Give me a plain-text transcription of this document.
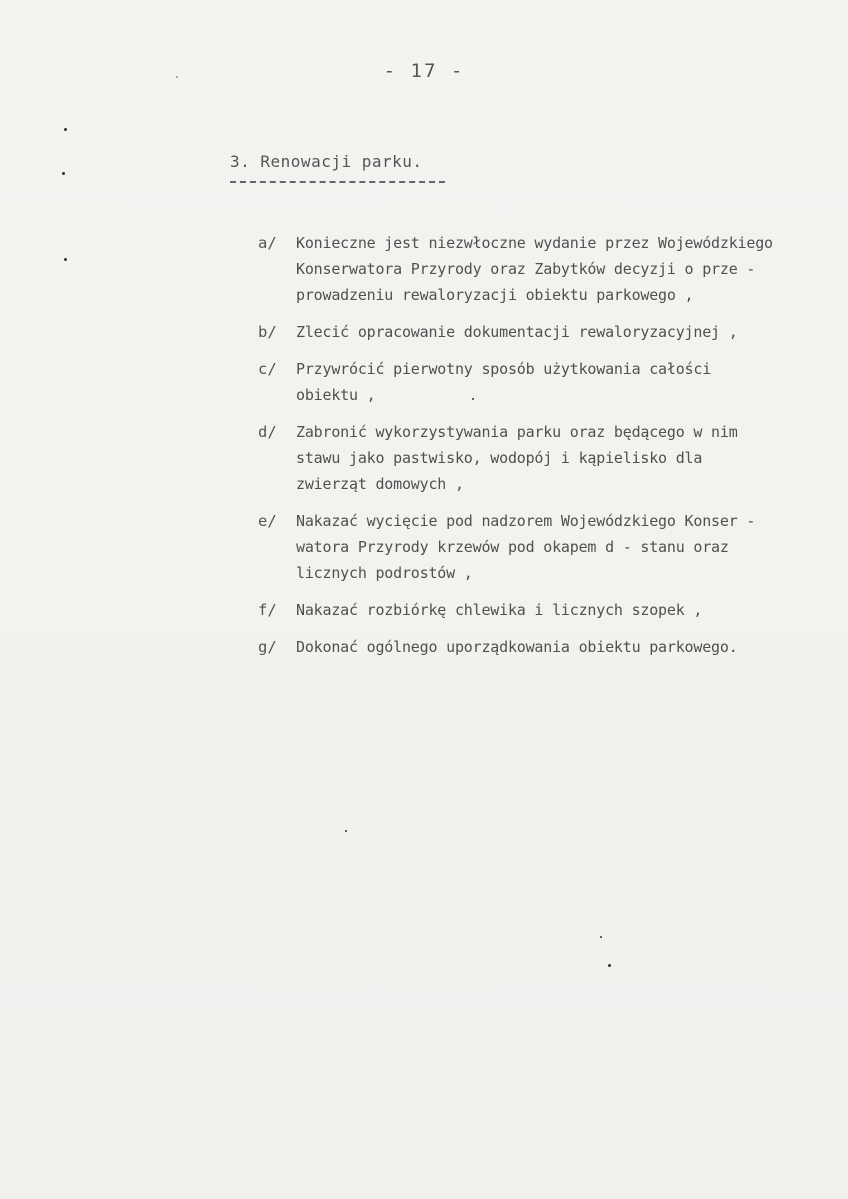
- 17 -
3. Renowacji parku.
a/	Konieczne jest niezwłoczne wydanie przez Wojewódzkiego
Konserwatora Przyrody oraz Zabytków decyzji o prze -
prowadzeniu rewaloryzacji obiektu parkowego ,
b/	Zlecić opracowanie dokumentacji rewaloryzacyjnej ,
c/	Przywrócić pierwotny sposób użytkowania całości
obiektu ,
d/	Zabronić wykorzystywania parku oraz będącego w nim
stawu jako pastwisko, wodopój i kąpielisko dla
zwierząt domowych ,
e/	Nakazać wycięcie pod nadzorem Wojewódzkiego Konser -
watora Przyrody krzewów pod okapem d - stanu oraz
licznych podrostów ,
f/	Nakazać rozbiórkę chlewika i licznych szopek ,
g/	Dokonać ogólnego uporządkowania obiektu parkowego.
